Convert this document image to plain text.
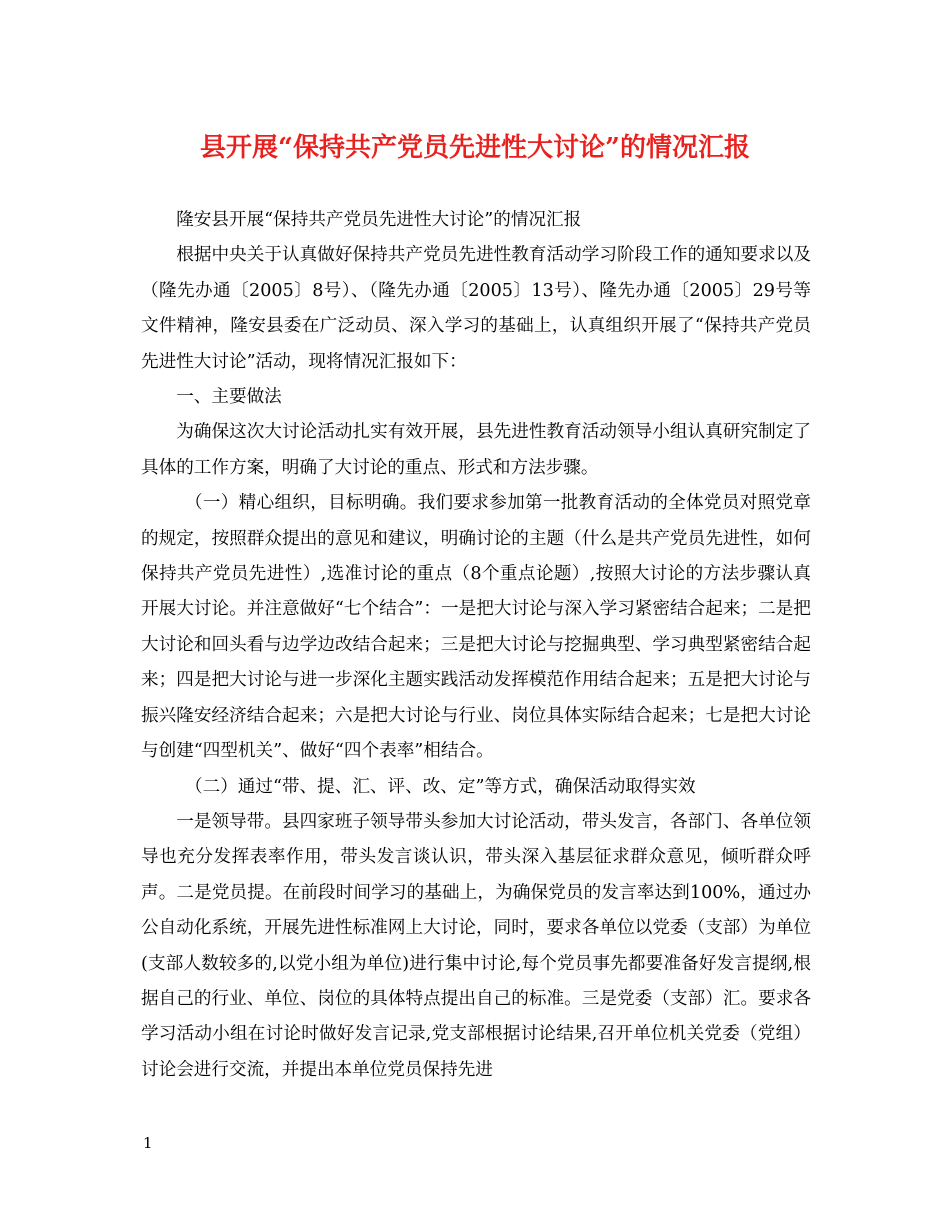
县开展“保持共产党员先进性大讨论”的情况汇报

隆安县开展“保持共产党员先进性大讨论”的情况汇报

根据中央关于认真做好保持共产党员先进性教育活动学习阶段工作的通知要求以及（隆先办通〔2005〕8号）、（隆先办通〔2005〕13号）、隆先办通〔2005〕29号等文件精神，隆安县委在广泛动员、深入学习的基础上，认真组织开展了“保持共产党员先进性大讨论”活动，现将情况汇报如下：

一、主要做法

为确保这次大讨论活动扎实有效开展，县先进性教育活动领导小组认真研究制定了具体的工作方案，明确了大讨论的重点、形式和方法步骤。

（一）精心组织，目标明确。我们要求参加第一批教育活动的全体党员对照党章的规定，按照群众提出的意见和建议，明确讨论的主题（什么是共产党员先进性，如何保持共产党员先进性）,选准讨论的重点（8个重点论题）,按照大讨论的方法步骤认真开展大讨论。并注意做好“七个结合”：一是把大讨论与深入学习紧密结合起来；二是把大讨论和回头看与边学边改结合起来；三是把大讨论与挖掘典型、学习典型紧密结合起来；四是把大讨论与进一步深化主题实践活动发挥模范作用结合起来；五是把大讨论与振兴隆安经济结合起来；六是把大讨论与行业、岗位具体实际结合起来；七是把大讨论与创建“四型机关”、做好“四个表率”相结合。

（二）通过“带、提、汇、评、改、定”等方式，确保活动取得实效

一是领导带。县四家班子领导带头参加大讨论活动，带头发言，各部门、各单位领导也充分发挥表率作用，带头发言谈认识，带头深入基层征求群众意见，倾听群众呼声。二是党员提。在前段时间学习的基础上，为确保党员的发言率达到100%，通过办公自动化系统，开展先进性标准网上大讨论，同时，要求各单位以党委（支部）为单位(支部人数较多的,以党小组为单位)进行集中讨论,每个党员事先都要准备好发言提纲,根据自己的行业、单位、岗位的具体特点提出自己的标准。三是党委（支部）汇。要求各学习活动小组在讨论时做好发言记录,党支部根据讨论结果,召开单位机关党委（党组）讨论会进行交流，并提出本单位党员保持先进

1
